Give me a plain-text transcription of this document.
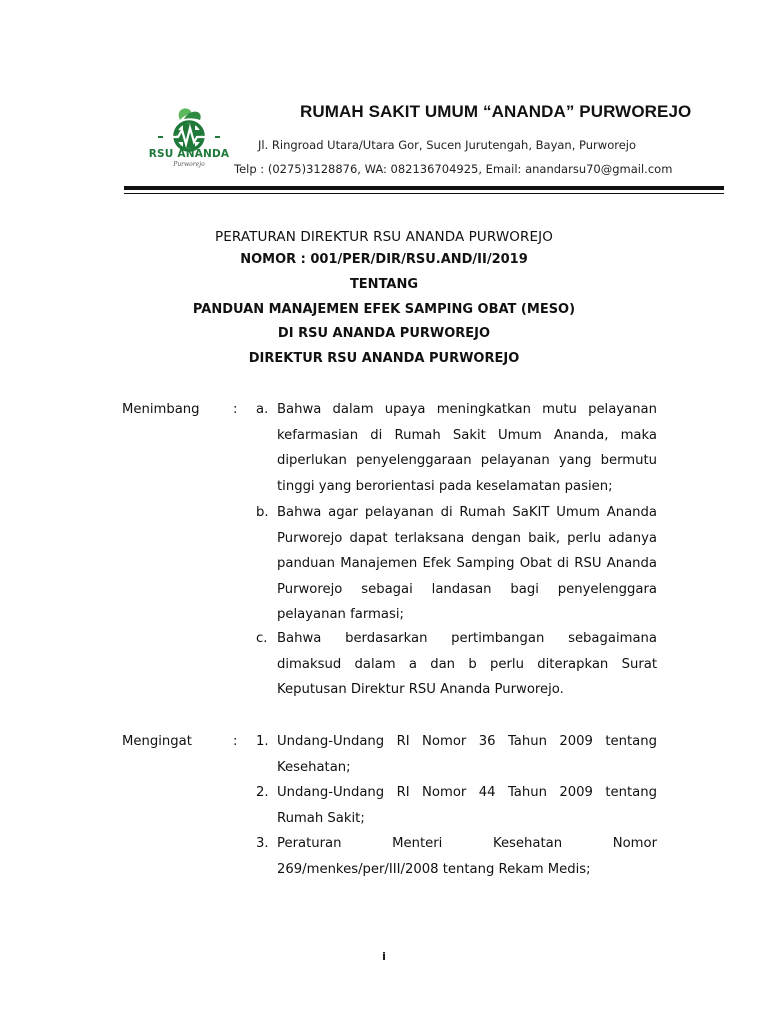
RSU ANANDA
Purworejo
RUMAH SAKIT UMUM “ANANDA” PURWOREJO
Jl. Ringroad Utara/Utara Gor, Sucen Jurutengah, Bayan, Purworejo
Telp : (0275)3128876, WA: 082136704925, Email: anandarsu70@gmail.com
PERATURAN DIREKTUR RSU ANANDA PURWOREJO
NOMOR : 001/PER/DIR/RSU.AND/II/2019
TENTANG
PANDUAN MANAJEMEN EFEK SAMPING OBAT (MESO)
DI RSU ANANDA PURWOREJO
DIREKTUR RSU ANANDA PURWOREJO
Menimbang	: a. Bahwa dalam upaya meningkatkan mutu pelayanan kefarmasian di Rumah Sakit Umum Ananda, maka diperlukan penyelenggaraan pelayanan yang bermutu tinggi yang berorientasi pada keselamatan pasien;

b. Bahwa agar pelayanan di Rumah SaKIT Umum Ananda Purworejo dapat terlaksana dengan baik, perlu adanya panduan Manajemen Efek Samping Obat di RSU Ananda Purworejo sebagai landasan bagi penyelenggara pelayanan farmasi;

c. Bahwa berdasarkan pertimbangan sebagaimana dimaksud dalam a dan b perlu diterapkan Surat Keputusan Direktur RSU Ananda Purworejo.

Mengingat	: 1. Undang-Undang RI Nomor 36 Tahun 2009 tentang Kesehatan;

2. Undang-Undang RI Nomor 44 Tahun 2009 tentang Rumah Sakit;

3. Peraturan Menteri Kesehatan Nomor 269/menkes/per/III/2008 tentang Rekam Medis;

i
